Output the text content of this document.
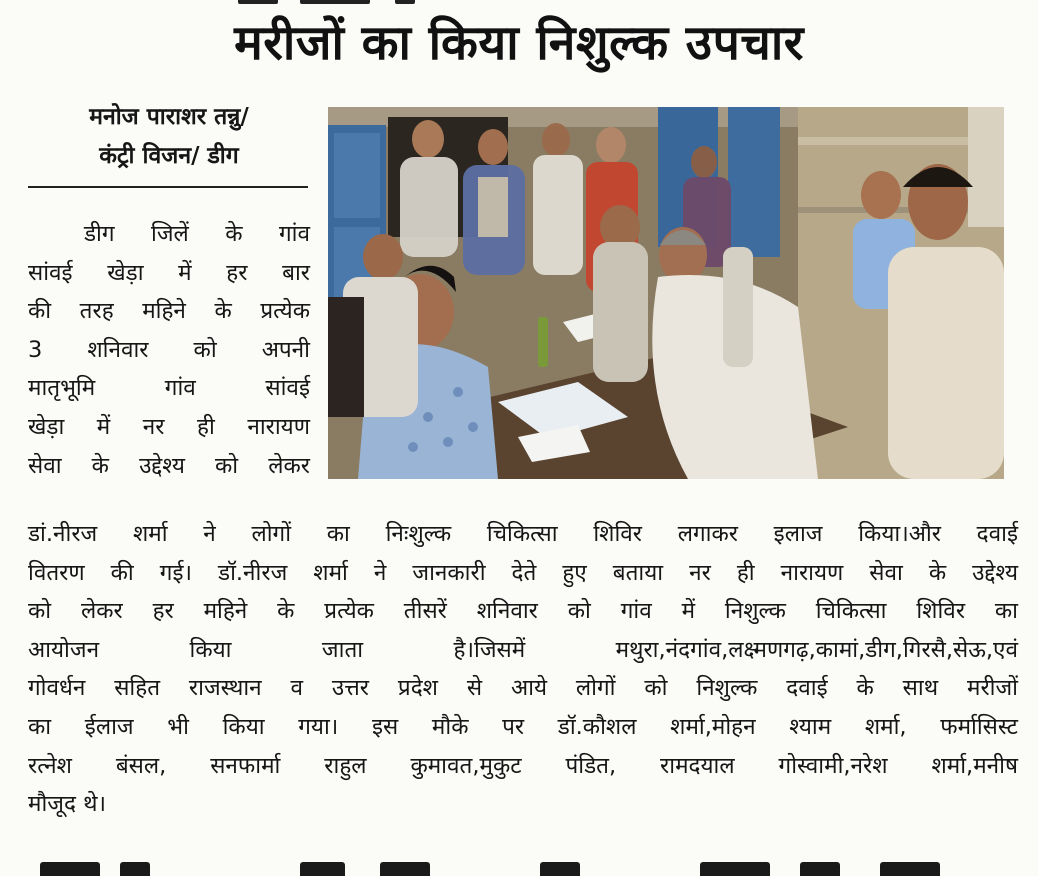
मरीजों का किया निशुल्क उपचार
मनोज पाराशर तन्नु/
कंट्री विजन/ डीग
डीग जिलें के गांव
सांवई खेड़ा में हर बार
की तरह महिने के प्रत्येक
3 शनिवार को अपनी
मातृभूमि गांव सांवई
खेड़ा में नर ही नारायण
सेवा के उद्देश्य को लेकर
डां.नीरज शर्मा ने लोगों का निःशुल्क चिकित्सा शिविर लगाकर इलाज किया।और दवाई
वितरण की गई। डॉ.नीरज शर्मा ने जानकारी देते हुए बताया नर ही नारायण सेवा के उद्देश्य
को लेकर हर महिने के प्रत्येक तीसरें शनिवार को गांव में निशुल्क चिकित्सा शिविर का
आयोजन किया जाता है।जिसमें मथुरा,नंदगांव,लक्ष्मणगढ़,कामां,डीग,गिरसै,सेऊ,एवं
गोवर्धन सहित राजस्थान व उत्तर प्रदेश से आये लोगों को निशुल्क दवाई के साथ मरीजों
का ईलाज भी किया गया। इस मौके पर डॉ.कौशल शर्मा,मोहन श्याम शर्मा, फर्मासिस्ट
रत्नेश बंसल, सनफार्मा राहुल कुमावत,मुकुट पंडित, रामदयाल गोस्वामी,नरेश शर्मा,मनीष
मौजूद थे।
